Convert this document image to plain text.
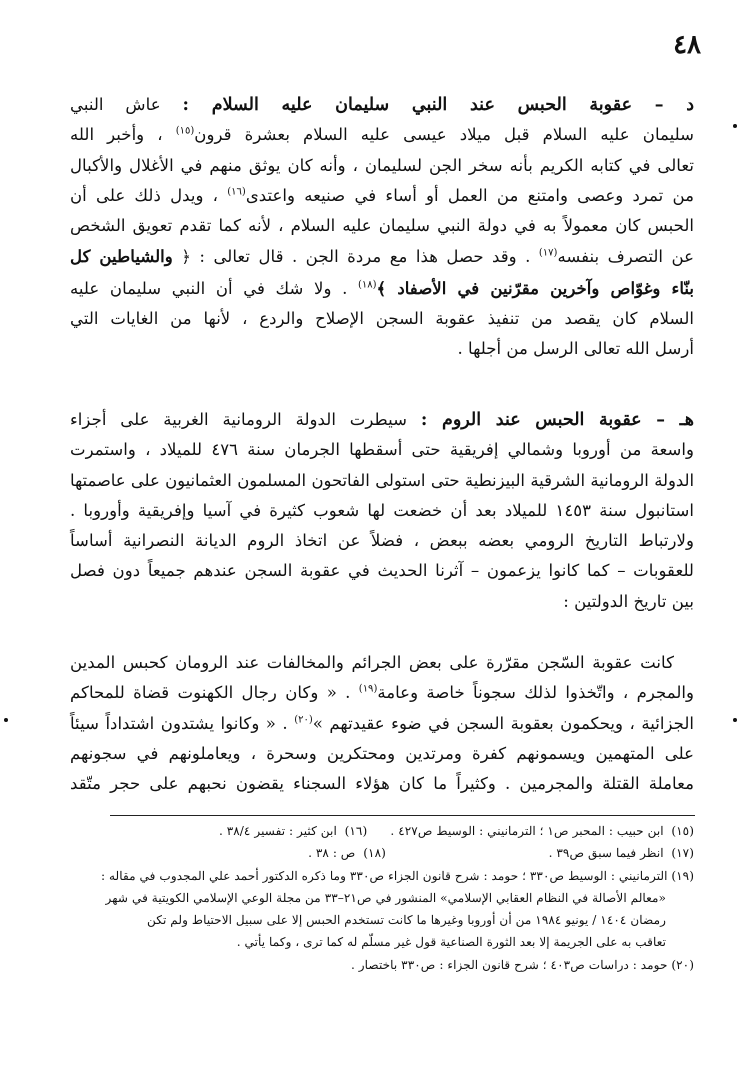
٤٨

د – عقوبة الحبس عند النبي سليمان عليه السلام : عاش النبي
سليمان عليه السلام قبل ميلاد عيسى عليه السلام بعشرة قرون$^{(١٥)}$ ، وأخبر الله
تعالى في كتابه الكريم بأنه سخر الجن لسليمان ، وأنه كان يوثق منهم في الأغلال والأكبال
من تمرد وعصى وامتنع من العمل أو أساء في صنيعه واعتدى$^{(١٦)}$ ، ويدل ذلك على أن
الحبس كان معمولاً به في دولة النبي سليمان عليه السلام ، لأنه كما تقدم تعويق الشخص
عن التصرف بنفسه$^{(١٧)}$ . وقد حصل هذا مع مردة الجن . قال تعالى : ﴿ والشياطين كل
بنّاء وغوّاص وآخرين مقرّنين في الأصفاد ﴾$^{(١٨)}$ . ولا شك في أن النبي سليمان عليه
السلام كان يقصد من تنفيذ عقوبة السجن الإصلاح والردع ، لأنها من الغايات التي
أرسل الله تعالى الرسل من أجلها .

هـ – عقوبة الحبس عند الروم : سيطرت الدولة الرومانية الغربية على أجزاء
واسعة من أوروبا وشمالي إفريقية حتى أسقطها الجرمان سنة ٤٧٦ للميلاد ، واستمرت
الدولة الرومانية الشرقية البيزنطية حتى استولى الفاتحون المسلمون العثمانيون على عاصمتها
استانبول سنة ١٤٥٣ للميلاد بعد أن خضعت لها شعوب كثيرة في آسيا وإفريقية وأوروبا .
ولارتباط التاريخ الرومي بعضه ببعض ، فضلاً عن اتخاذ الروم الديانة النصرانية أساساً
للعقوبات – كما كانوا يزعمون – آثرنا الحديث في عقوبة السجن عندهم جميعاً دون فصل
بين تاريخ الدولتين :

كانت عقوبة السّجن مقرّرة على بعض الجرائم والمخالفات عند الرومان كحبس المدين
والمجرم ، واتّخذوا لذلك سجوناً خاصة وعامة$^{(١٩)}$ . « وكان رجال الكهنوت قضاة للمحاكم
الجزائية ، ويحكمون بعقوبة السجن في ضوء عقيدتهم »$^{(٢٠)}$ . « وكانوا يشتدون اشتداداً سيئاً
على المتهمين ويسمونهم كفرة ومرتدين ومحتكرين وسحرة ، ويعاملونهم في سجونهم
معاملة القتلة والمجرمين . وكثيراً ما كان هؤلاء السجناء يقضون نحبهم على حجر متّقد

(١٥)  ابن حبيب : المحبر ص١ ؛ الترمانيني : الوسيط ص٤٢٧ .      (١٦)  ابن كثير : تفسير ٣٨/٤ .
(١٧)  انظر فيما سبق ص٣٩ .                                          (١٨)  ص : ٣٨ .
(١٩) الترمانيني : الوسيط ص٣٣٠ ؛ حومد : شرح قانون الجزاء ص٣٣٠ وما ذكره الدكتور أحمد علي المجدوب في مقاله :
«معالم الأصالة في النظام العقابي الإسلامي» المنشور في ص٢١–٣٣ من مجلة الوعي الإسلامي الكويتية في شهر
رمضان ١٤٠٤ / يونيو ١٩٨٤ من أن أوروبا وغيرها ما كانت تستخدم الحبس إلا على سبيل الاحتياط ولم تكن
تعاقب به على الجريمة إلا بعد الثورة الصناعية قول غير مسلّم له كما ترى ، وكما يأتي .
(٢٠) حومد : دراسات ص٤٠٣ ؛ شرح قانون الجزاء : ص٣٣٠ باختصار .
